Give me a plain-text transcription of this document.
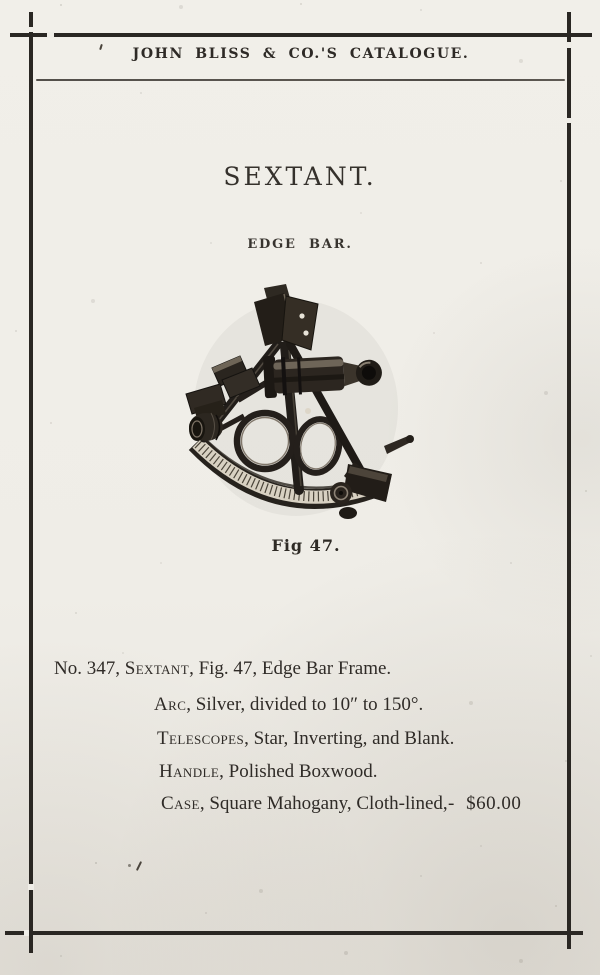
JOHN BLISS & CO.'S CATALOGUE.
SEXTANT.
EDGE BAR.
Fig 47.
No. 347, Sextant, Fig. 47, Edge Bar Frame.
Arc, Silver, divided to 10″ to 150°.
Telescopes, Star, Inverting, and Blank.
Handle, Polished Boxwood.
Case, Square Mahogany, Cloth-lined, - $60.00
